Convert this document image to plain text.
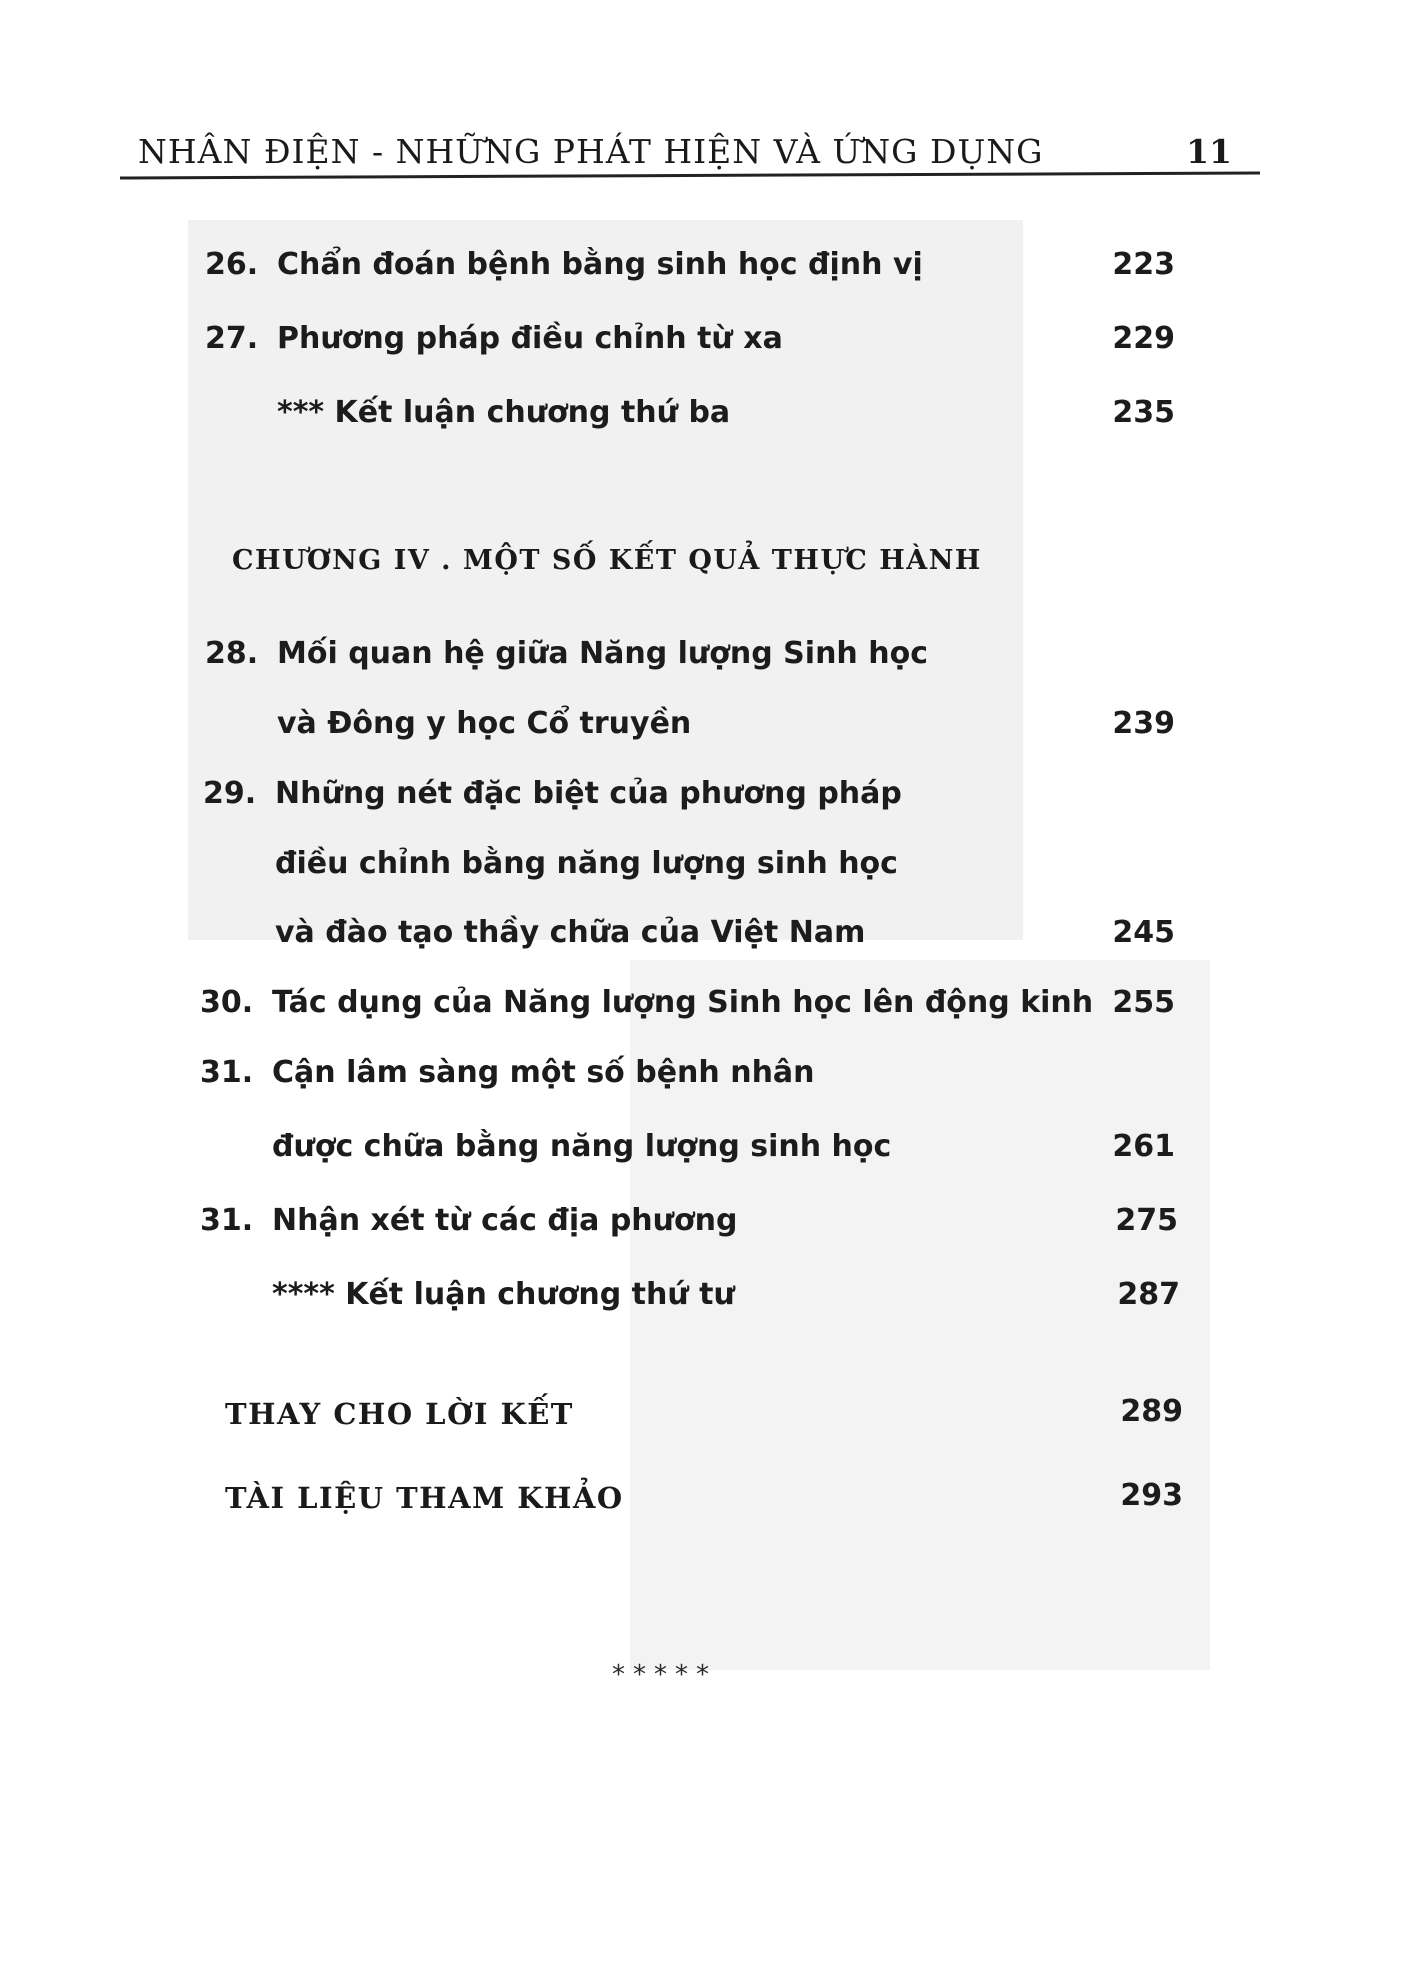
NHÂN ĐIỆN - NHỮNG PHÁT HIỆN VÀ ỨNG DỤNG	11
26. Chẩn đoán bệnh bằng sinh học định vị	223
27. Phương pháp điều chỉnh từ xa	229
*** Kết luận chương thứ ba	235
CHƯƠNG IV . MỘT SỐ KẾT QUẢ THỰC HÀNH
28. Mối quan hệ giữa Năng lượng Sinh học
và Đông y học Cổ truyền	239
29. Những nét đặc biệt của phương pháp
điều chỉnh bằng năng lượng sinh học
và đào tạo thầy chữa của Việt Nam	245
30. Tác dụng của Năng lượng Sinh học lên động kinh 255
31. Cận lâm sàng một số bệnh nhân
được chữa bằng năng lượng sinh học	261
31. Nhận xét từ các địa phương	275
**** Kết luận chương thứ tư	287
THAY CHO LỜI KẾT	289
TÀI LIỆU THAM KHẢO	293
*****
